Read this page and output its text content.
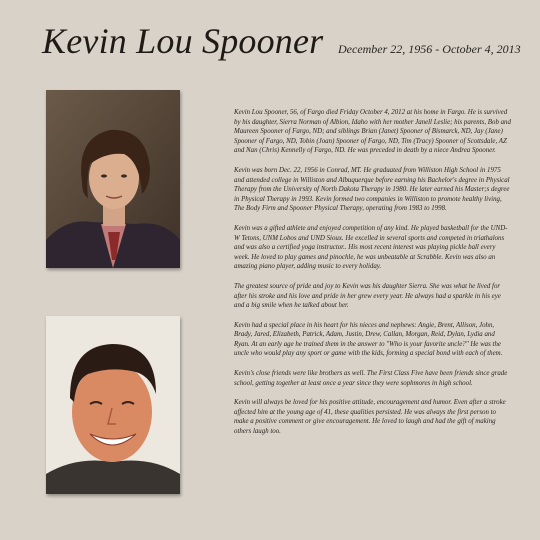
Kevin Lou Spooner December 22, 1956 - October 4, 2013

Kevin Lou Spooner, 56, of Fargo died Friday October 4, 2012 at his home in Fargo. He is survived by his daughter, Sierra Norman of Albion, Idaho with her mother Janell Leslie; his parents, Bob and Maureen Spooner of Fargo, ND; and siblings Brian (Janet) Spooner of Bismarck, ND, Jay (Jane) Spooner of Fargo, ND, Tobin (Joan) Spooner of Fargo, ND, Tim (Tracy) Spooner of Scottsdale, AZ and Nan (Chris) Kennelly of Fargo, ND. He was preceded in death by a niece Andrea Spooner.

Kevin was born Dec. 22, 1956 in Conrad, MT. He graduated from Williston High School in 1975 and attended college in Williston and Albuquerque before earning his Bachelor's degree in Physical Therapy from the University of North Dakota Therapy in 1980. He later earned his Master;s degree in Physical Therapy in 1993. Kevin formed two companies in Williston to promote healthy living, The Body Firm and Spooner Physical Therapy, operating from 1983 to 1998.

Kevin was a gifted athlete and enjoyed competition of any kind. He played basketball for the UND-W Tetons, UNM Lobos and UND Sioux. He excelled in several sports and competed in triathalons and was also a certified yoga instructor.. His most recent interest was playing pickle ball every week. He loved to play games and pinochle, he was unbeatable at Scrabble. Kevin was also an amazing piano player, adding music to every holiday.

The greatest source of pride and joy to Kevin was his daughter Sierra. She was what he lived for after his stroke and his love and pride in her grew every year. He always had a sparkle in his eye and a big smile when he talked about her.

Kevin had a special place in his heart for his nieces and nephews: Angie, Brent, Allison, John, Brady, Jared, Elizabeth, Patrick, Adam, Justin, Drew, Callan, Morgan, Reid, Dylan, Lydia and Ryan. At an early age he trained them in the answer to "Who is your favorite uncle?" He was the uncle who would play any sport or game with the kids, forming a special bond with each of them.

Kevin's close friends were like brothers as well. The First Class Five have been friends since grade school, getting together at least once a year since they were sophmores in high school.

Kevin will always be loved for his positive attitude, encouragement and humor. Even after a stroke affected him at the young age of 41, these qualities persisted. He was always the first person to make a positive comment or give encouragement. He loved to laugh and had the gift of making others laugh too.
